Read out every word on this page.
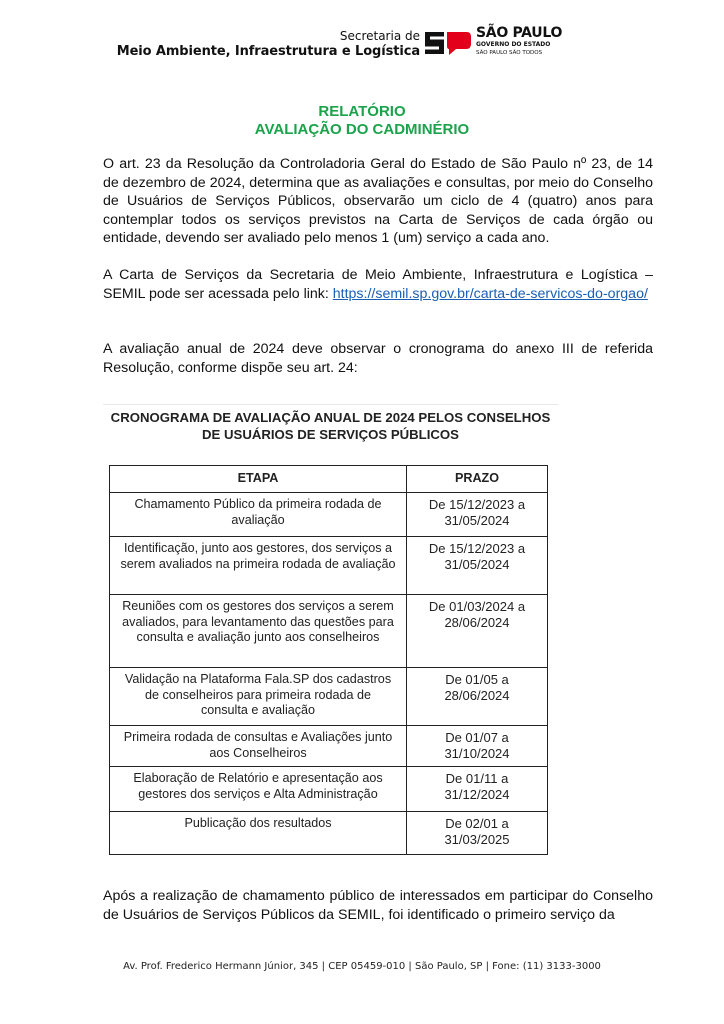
Secretaria de
Meio Ambiente, Infraestrutura e Logística
SÃO PAULO
GOVERNO DO ESTADO
SÃO PAULO SÃO TODOS
RELATÓRIO
AVALIAÇÃO DO CADMINÉRIO

O art. 23 da Resolução da Controladoria Geral do Estado de São Paulo nº 23, de 14 de dezembro de 2024, determina que as avaliações e consultas, por meio do Conselho de Usuários de Serviços Públicos, observarão um ciclo de 4 (quatro) anos para contemplar todos os serviços previstos na Carta de Serviços de cada órgão ou entidade, devendo ser avaliado pelo menos 1 (um) serviço a cada ano.

A Carta de Serviços da Secretaria de Meio Ambiente, Infraestrutura e Logística – SEMIL pode ser acessada pelo link: https://semil.sp.gov.br/carta-de-servicos-do-orgao/

A avaliação anual de 2024 deve observar o cronograma do anexo III de referida Resolução, conforme dispõe seu art. 24:

CRONOGRAMA DE AVALIAÇÃO ANUAL DE 2024 PELOS CONSELHOS
DE USUÁRIOS DE SERVIÇOS PÚBLICOS
ETAPA	PRAZO
Chamamento Público da primeira rodada de avaliação	De 15/12/2023 a
31/05/2024

Identificação, junto aos gestores, dos serviços a serem avaliados na primeira rodada de avaliação	De 15/12/2023 a
31/05/2024

Reuniões com os gestores dos serviços a serem avaliados, para levantamento das questões para consulta e avaliação junto aos conselheiros	De 01/03/2024 a
28/06/2024

Validação na Plataforma Fala.SP dos cadastros de conselheiros para primeira rodada de consulta e avaliação	De 01/05 a
28/06/2024

Primeira rodada de consultas e Avaliações junto aos Conselheiros	De 01/07 a
31/10/2024

Elaboração de Relatório e apresentação aos gestores dos serviços e Alta Administração	De 01/11 a
31/12/2024

Publicação dos resultados	De 02/01 a
31/03/2025

Após a realização de chamamento público de interessados em participar do Conselho de Usuários de Serviços Públicos da SEMIL, foi identificado o primeiro serviço da

Av. Prof. Frederico Hermann Júnior, 345 | CEP 05459-010 | São Paulo, SP | Fone: (11) 3133-3000
